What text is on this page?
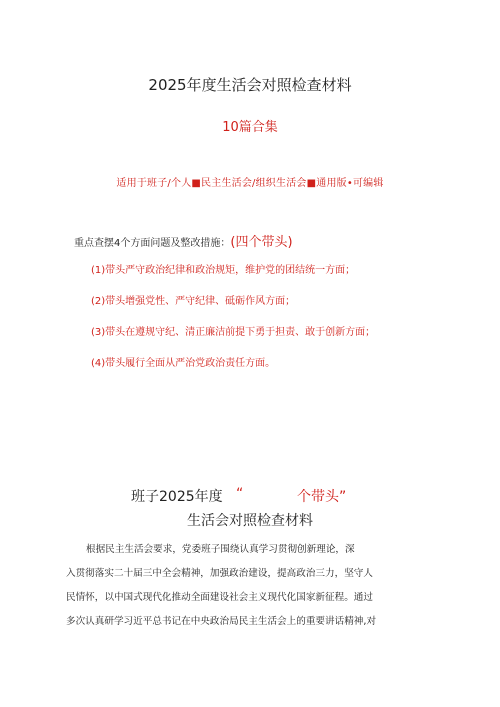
2025年度生活会对照检查材料
10篇合集
适用于班子/个人■民主生活会/组织生活会■通用版•可编辑
重点查摆4个方面问题及整改措施：(四个带头)
(1)带头严守政治纪律和政治规矩，维护党的团结统一方面；
(2)带头增强党性、严守纪律、砥砺作风方面；
(3)带头在遵规守纪、清正廉洁前提下勇于担责、敢于创新方面；
(4)带头履行全面从严治党政治责任方面。
班子2025年度 “	个带头”
生活会对照检查材料
根据民主生活会要求，党委班子围绕认真学习贯彻创新理论，深
入贯彻落实二十届三中全会精神，加强政治建设，提高政治三力，坚守人
民情怀，以中国式现代化推动全面建设社会主义现代化国家新征程。通过
多次认真研学习近平总书记在中央政治局民主生活会上的重要讲话精神,对
